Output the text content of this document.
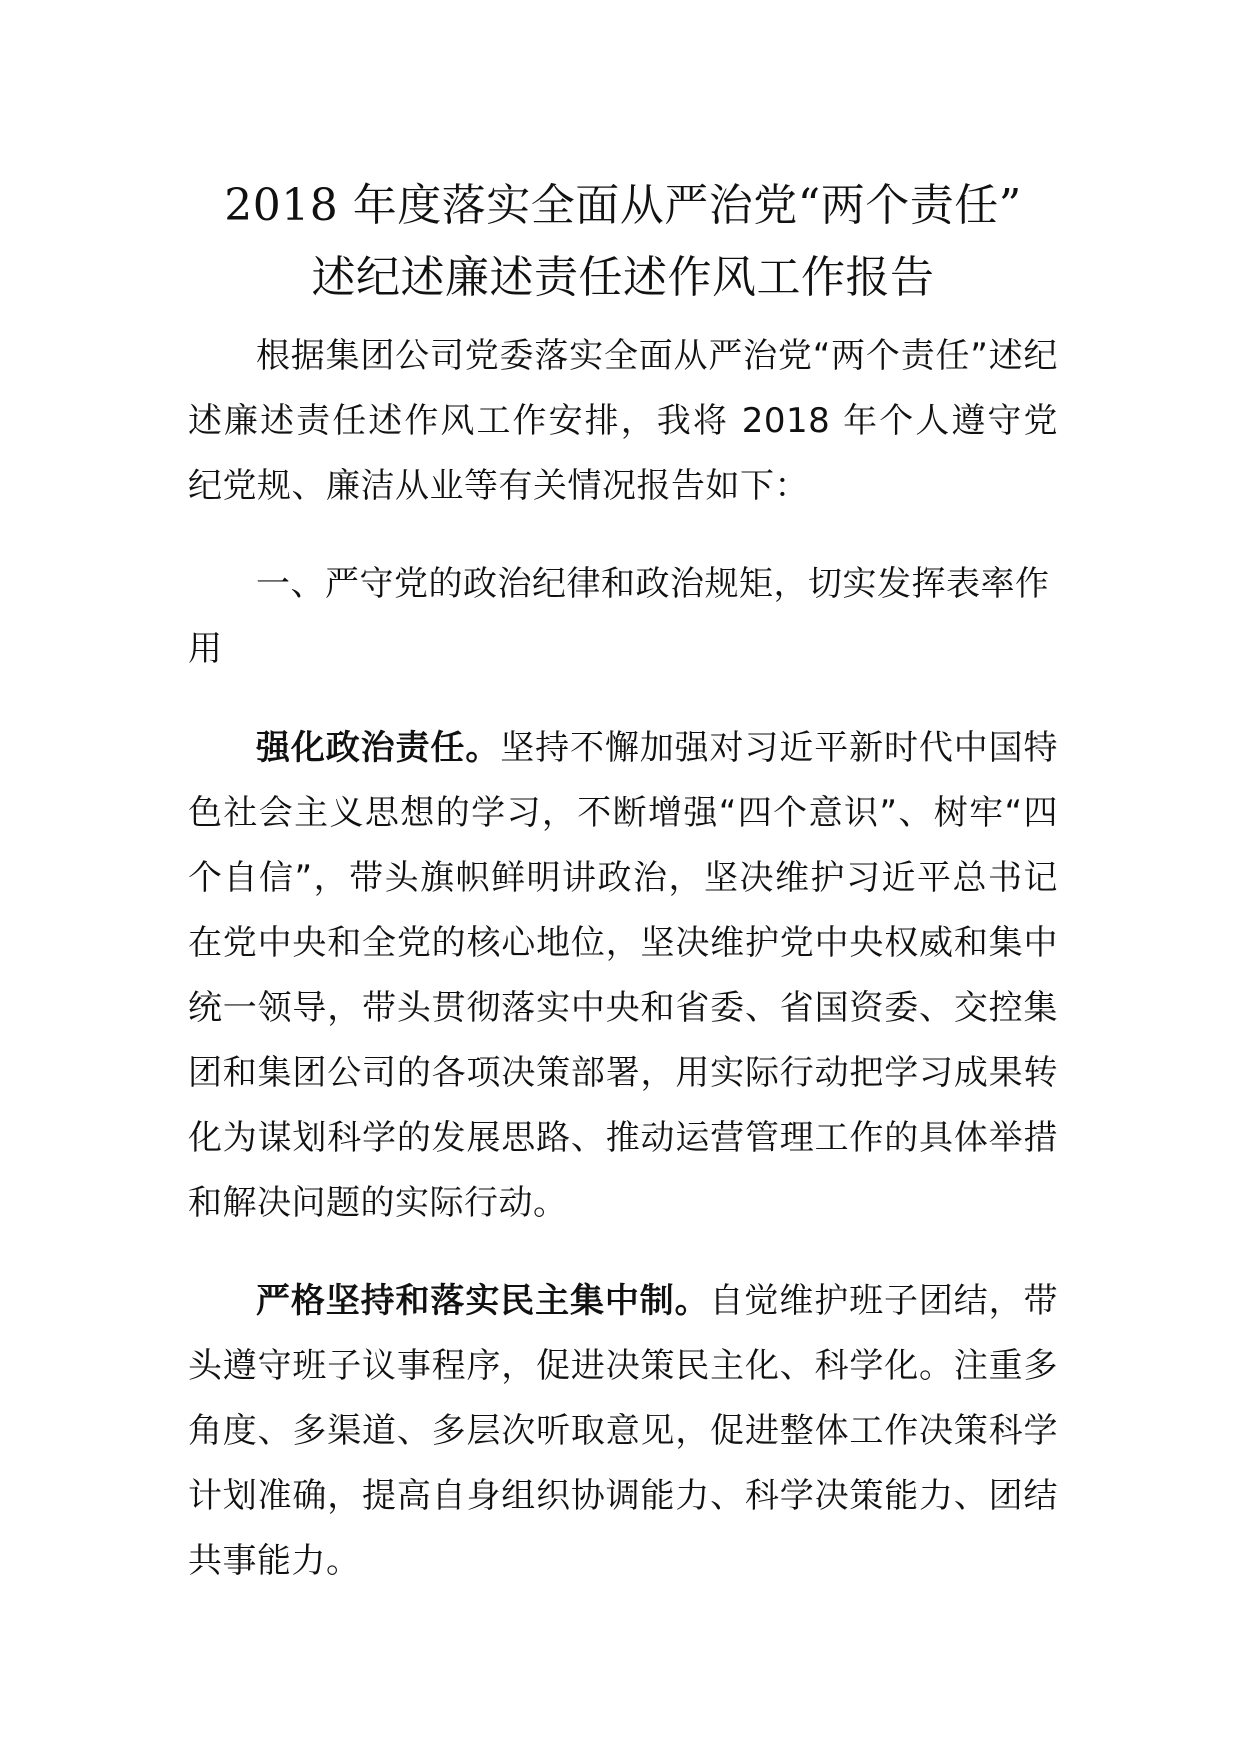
2018 年度落实全面从严治党“两个责任”
述纪述廉述责任述作风工作报告

根据集团公司党委落实全面从严治党“两个责任”述纪述廉述责任述作风工作安排，我将 2018 年个人遵守党纪党规、廉洁从业等有关情况报告如下：

一、严守党的政治纪律和政治规矩，切实发挥表率作用

强化政治责任。坚持不懈加强对习近平新时代中国特色社会主义思想的学习，不断增强“四个意识”、树牢“四个自信”，带头旗帜鲜明讲政治，坚决维护习近平总书记在党中央和全党的核心地位，坚决维护党中央权威和集中统一领导，带头贯彻落实中央和省委、省国资委、交控集团和集团公司的各项决策部署，用实际行动把学习成果转化为谋划科学的发展思路、推动运营管理工作的具体举措和解决问题的实际行动。

严格坚持和落实民主集中制。自觉维护班子团结，带头遵守班子议事程序，促进决策民主化、科学化。注重多角度、多渠道、多层次听取意见，促进整体工作决策科学计划准确，提高自身组织协调能力、科学决策能力、团结共事能力。
